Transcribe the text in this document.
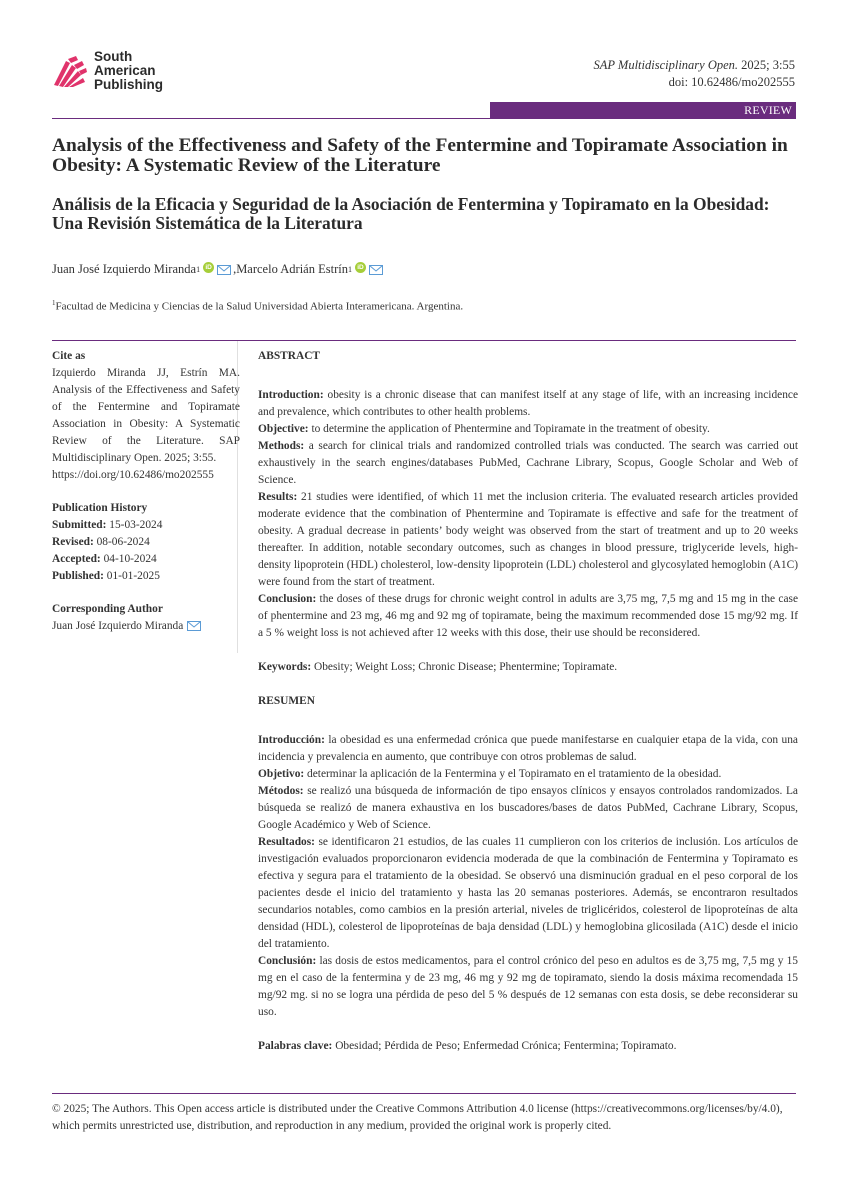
South
American
Publishing
SAP Multidisciplinary Open. 2025; 3:55
doi: 10.62486/mo202555
REVIEW
Analysis of the Effectiveness and Safety of the Fentermine and Topiramate Association in Obesity: A Systematic Review of the Literature
Análisis de la Eficacia y Seguridad de la Asociación de Fentermina y Topiramato en la Obesidad: Una Revisión Sistemática de la Literatura
Juan José Izquierdo Miranda 1 iD , Marcelo Adrián Estrín 1 iD
$^1$Facultad de Medicina y Ciencias de la Salud Universidad Abierta Interamericana. Argentina.
Cite as
Izquierdo Miranda JJ, Estrín MA. Analysis of the Effectiveness and Safety of the Fentermine and Topiramate Association in Obesity: A Systematic Review of the Literature. SAP Multidisciplinary Open. 2025; 3:55.
https://doi.org/10.62486/mo202555
Publication History
Submitted: 15-03-2024
Revised: 08-06-2024
Accepted: 04-10-2024
Published: 01-01-2025
Corresponding Author
Juan José Izquierdo Miranda
ABSTRACT

Introduction: obesity is a chronic disease that can manifest itself at any stage of life, with an increasing incidence and prevalence, which contributes to other health problems.

Objective: to determine the application of Phentermine and Topiramate in the treatment of obesity.

Methods: a search for clinical trials and randomized controlled trials was conducted. The search was carried out exhaustively in the search engines/databases PubMed, Cachrane Library, Scopus, Google Scholar and Web of Science.

Results: 21 studies were identified, of which 11 met the inclusion criteria. The evaluated research articles provided moderate evidence that the combination of Phentermine and Topiramate is effective and safe for the treatment of obesity. A gradual decrease in patients’ body weight was observed from the start of treatment and up to 20 weeks thereafter. In addition, notable secondary outcomes, such as changes in blood pressure, triglyceride levels, high-density lipoprotein (HDL) cholesterol, low-density lipoprotein (LDL) cholesterol and glycosylated hemoglobin (A1C) were found from the start of treatment.

Conclusion: the doses of these drugs for chronic weight control in adults are 3,75 mg, 7,5 mg and 15 mg in the case of phentermine and 23 mg, 46 mg and 92 mg of topiramate, being the maximum recommended dose 15 mg/92 mg. If a 5 % weight loss is not achieved after 12 weeks with this dose, their use should be reconsidered.

Keywords: Obesity; Weight Loss; Chronic Disease; Phentermine; Topiramate.

RESUMEN

Introducción: la obesidad es una enfermedad crónica que puede manifestarse en cualquier etapa de la vida, con una incidencia y prevalencia en aumento, que contribuye con otros problemas de salud.

Objetivo: determinar la aplicación de la Fentermina y el Topiramato en el tratamiento de la obesidad.

Métodos: se realizó una búsqueda de información de tipo ensayos clínicos y ensayos controlados randomizados. La búsqueda se realizó de manera exhaustiva en los buscadores/bases de datos PubMed, Cachrane Library, Scopus, Google Académico y Web of Science.

Resultados: se identificaron 21 estudios, de las cuales 11 cumplieron con los criterios de inclusión. Los artículos de investigación evaluados proporcionaron evidencia moderada de que la combinación de Fentermina y Topiramato es efectiva y segura para el tratamiento de la obesidad. Se observó una disminución gradual en el peso corporal de los pacientes desde el inicio del tratamiento y hasta las 20 semanas posteriores. Además, se encontraron resultados secundarios notables, como cambios en la presión arterial, niveles de triglicéridos, colesterol de lipoproteínas de alta densidad (HDL), colesterol de lipoproteínas de baja densidad (LDL) y hemoglobina glicosilada (A1C) desde el inicio del tratamiento.

Conclusión: las dosis de estos medicamentos, para el control crónico del peso en adultos es de 3,75 mg, 7,5 mg y 15 mg en el caso de la fentermina y de 23 mg, 46 mg y 92 mg de topiramato, siendo la dosis máxima recomendada 15 mg/92 mg. si no se logra una pérdida de peso del 5 % después de 12 semanas con esta dosis, se debe reconsiderar su uso.

Palabras clave: Obesidad; Pérdida de Peso; Enfermedad Crónica; Fentermina; Topiramato.

© 2025; The Authors. This Open access article is distributed under the Creative Commons Attribution 4.0 license (https://creativecommons.org/licenses/by/4.0), which permits unrestricted use, distribution, and reproduction in any medium, provided the original work is properly cited.
